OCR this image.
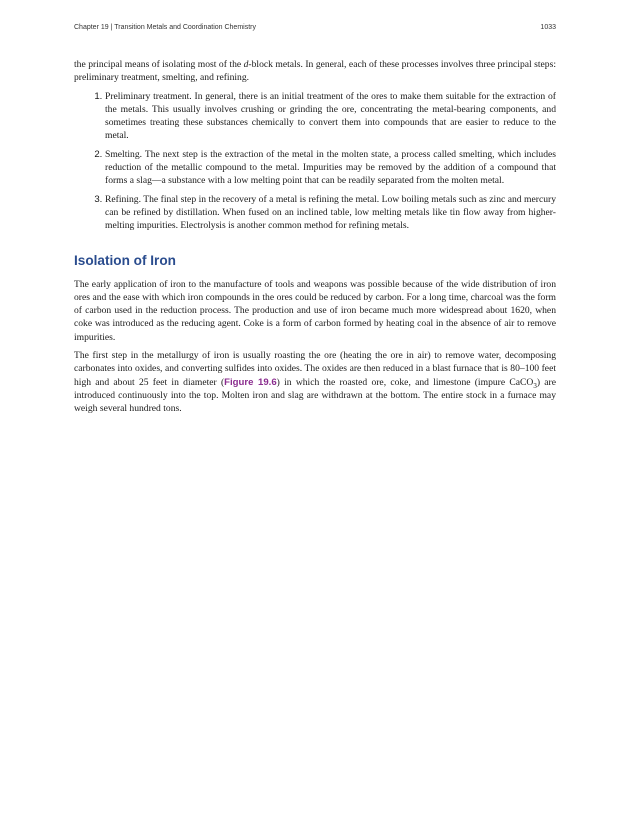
Chapter 19 | Transition Metals and Coordination Chemistry	1033

the principal means of isolating most of the d-block metals. In general, each of these processes involves three principal steps: preliminary treatment, smelting, and refining.

1. Preliminary treatment. In general, there is an initial treatment of the ores to make them suitable for the extraction of the metals. This usually involves crushing or grinding the ore, concentrating the metal-bearing components, and sometimes treating these substances chemically to convert them into compounds that are easier to reduce to the metal.
2. Smelting. The next step is the extraction of the metal in the molten state, a process called smelting, which includes reduction of the metallic compound to the metal. Impurities may be removed by the addition of a compound that forms a slag—a substance with a low melting point that can be readily separated from the molten metal.
3. Refining. The final step in the recovery of a metal is refining the metal. Low boiling metals such as zinc and mercury can be refined by distillation. When fused on an inclined table, low melting metals like tin flow away from higher-melting impurities. Electrolysis is another common method for refining metals.
Isolation of Iron

The early application of iron to the manufacture of tools and weapons was possible because of the wide distribution of iron ores and the ease with which iron compounds in the ores could be reduced by carbon. For a long time, charcoal was the form of carbon used in the reduction process. The production and use of iron became much more widespread about 1620, when coke was introduced as the reducing agent. Coke is a form of carbon formed by heating coal in the absence of air to remove impurities.

The first step in the metallurgy of iron is usually roasting the ore (heating the ore in air) to remove water, decomposing carbonates into oxides, and converting sulfides into oxides. The oxides are then reduced in a blast furnace that is 80–100 feet high and about 25 feet in diameter (Figure 19.6) in which the roasted ore, coke, and limestone (impure CaCO$_3$) are introduced continuously into the top. Molten iron and slag are withdrawn at the bottom. The entire stock in a furnace may weigh several hundred tons.
